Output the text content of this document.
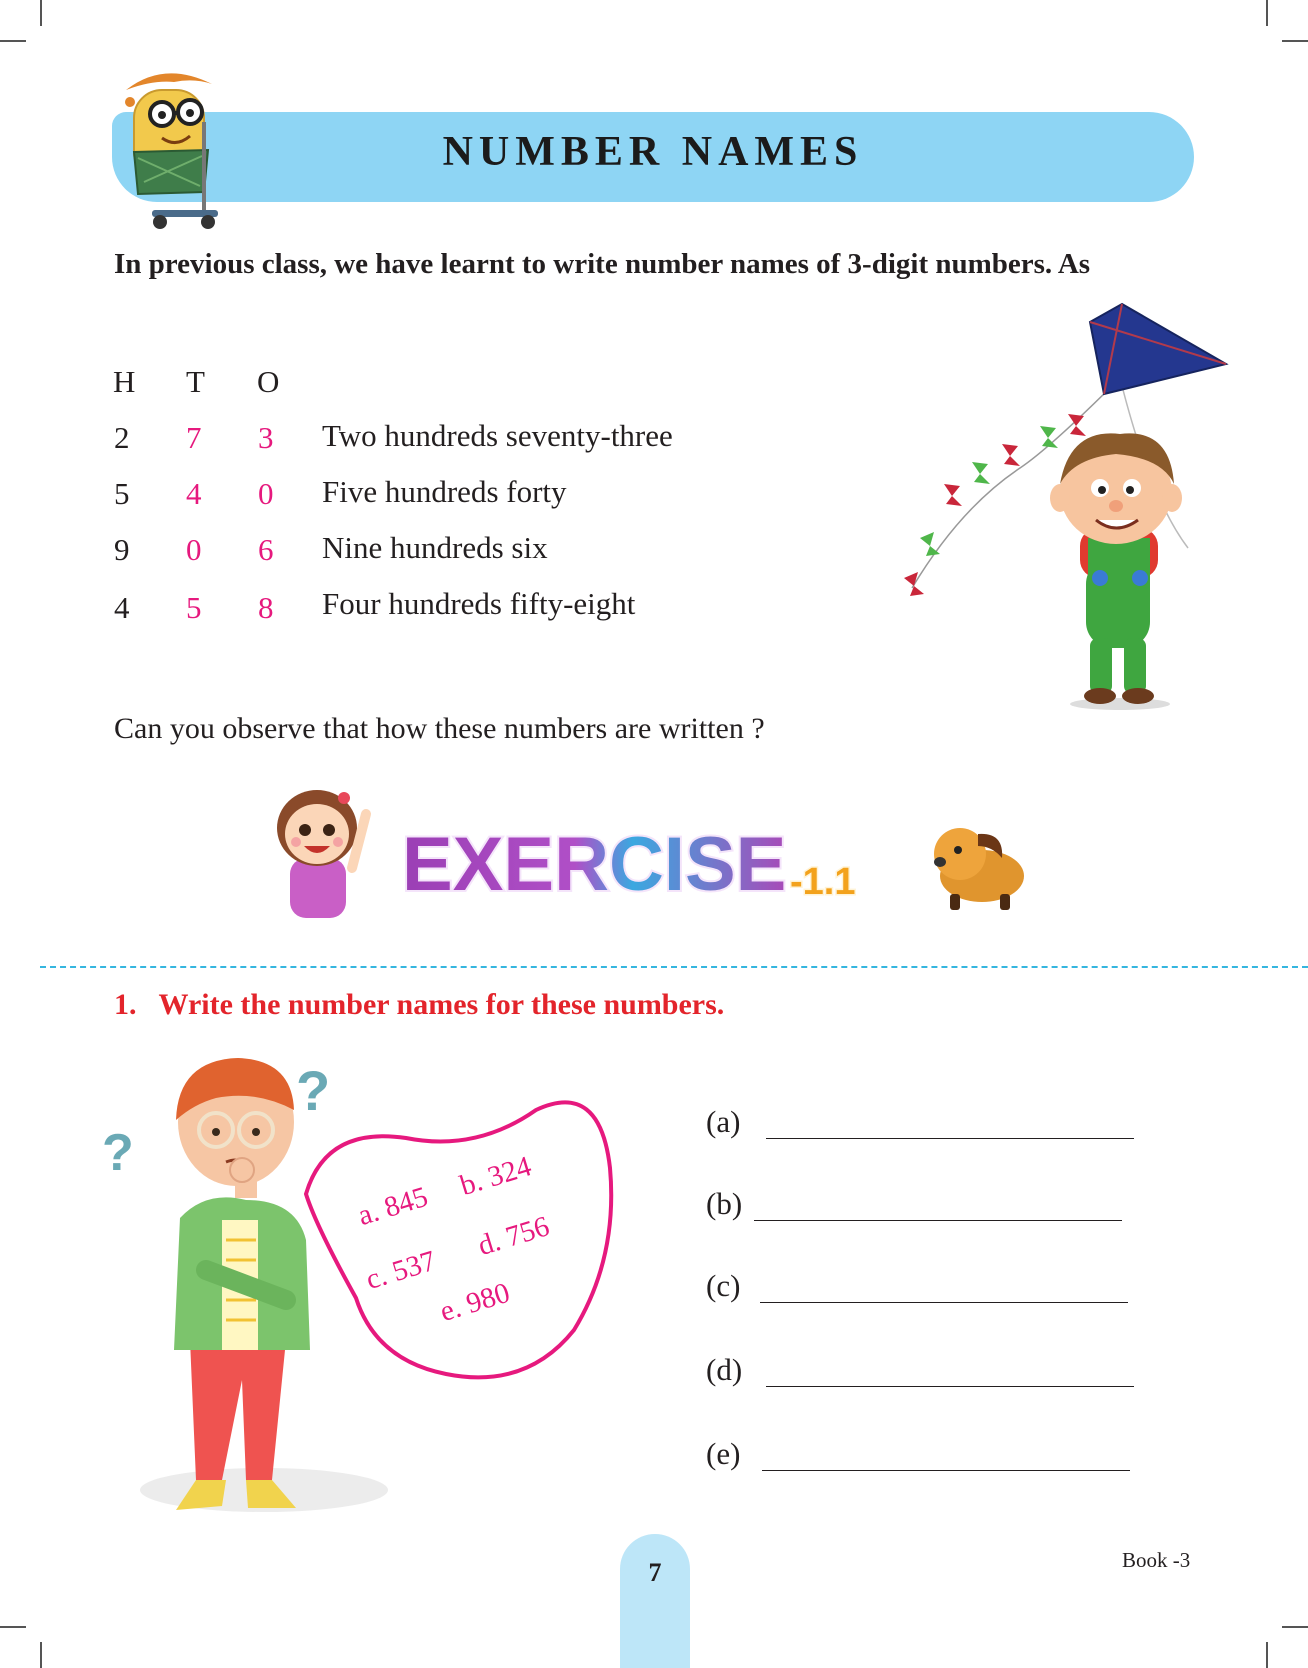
NUMBER NAMES
In previous class, we have learnt to write number names of 3-digit numbers. As
H T O
2 7 3 Two hundreds seventy-three
5 4 0 Five hundreds forty
9 0 6 Nine hundreds six
4 5 8 Four hundreds fifty-eight
Can you observe that how these numbers are written ?
EXERCISE -1.1
1. Write the number names for these numbers.
?
?
a. 845
b. 324
c. 537
d. 756
e. 980
(a)
(b)
(c)
(d)
(e)
7	Book -3
